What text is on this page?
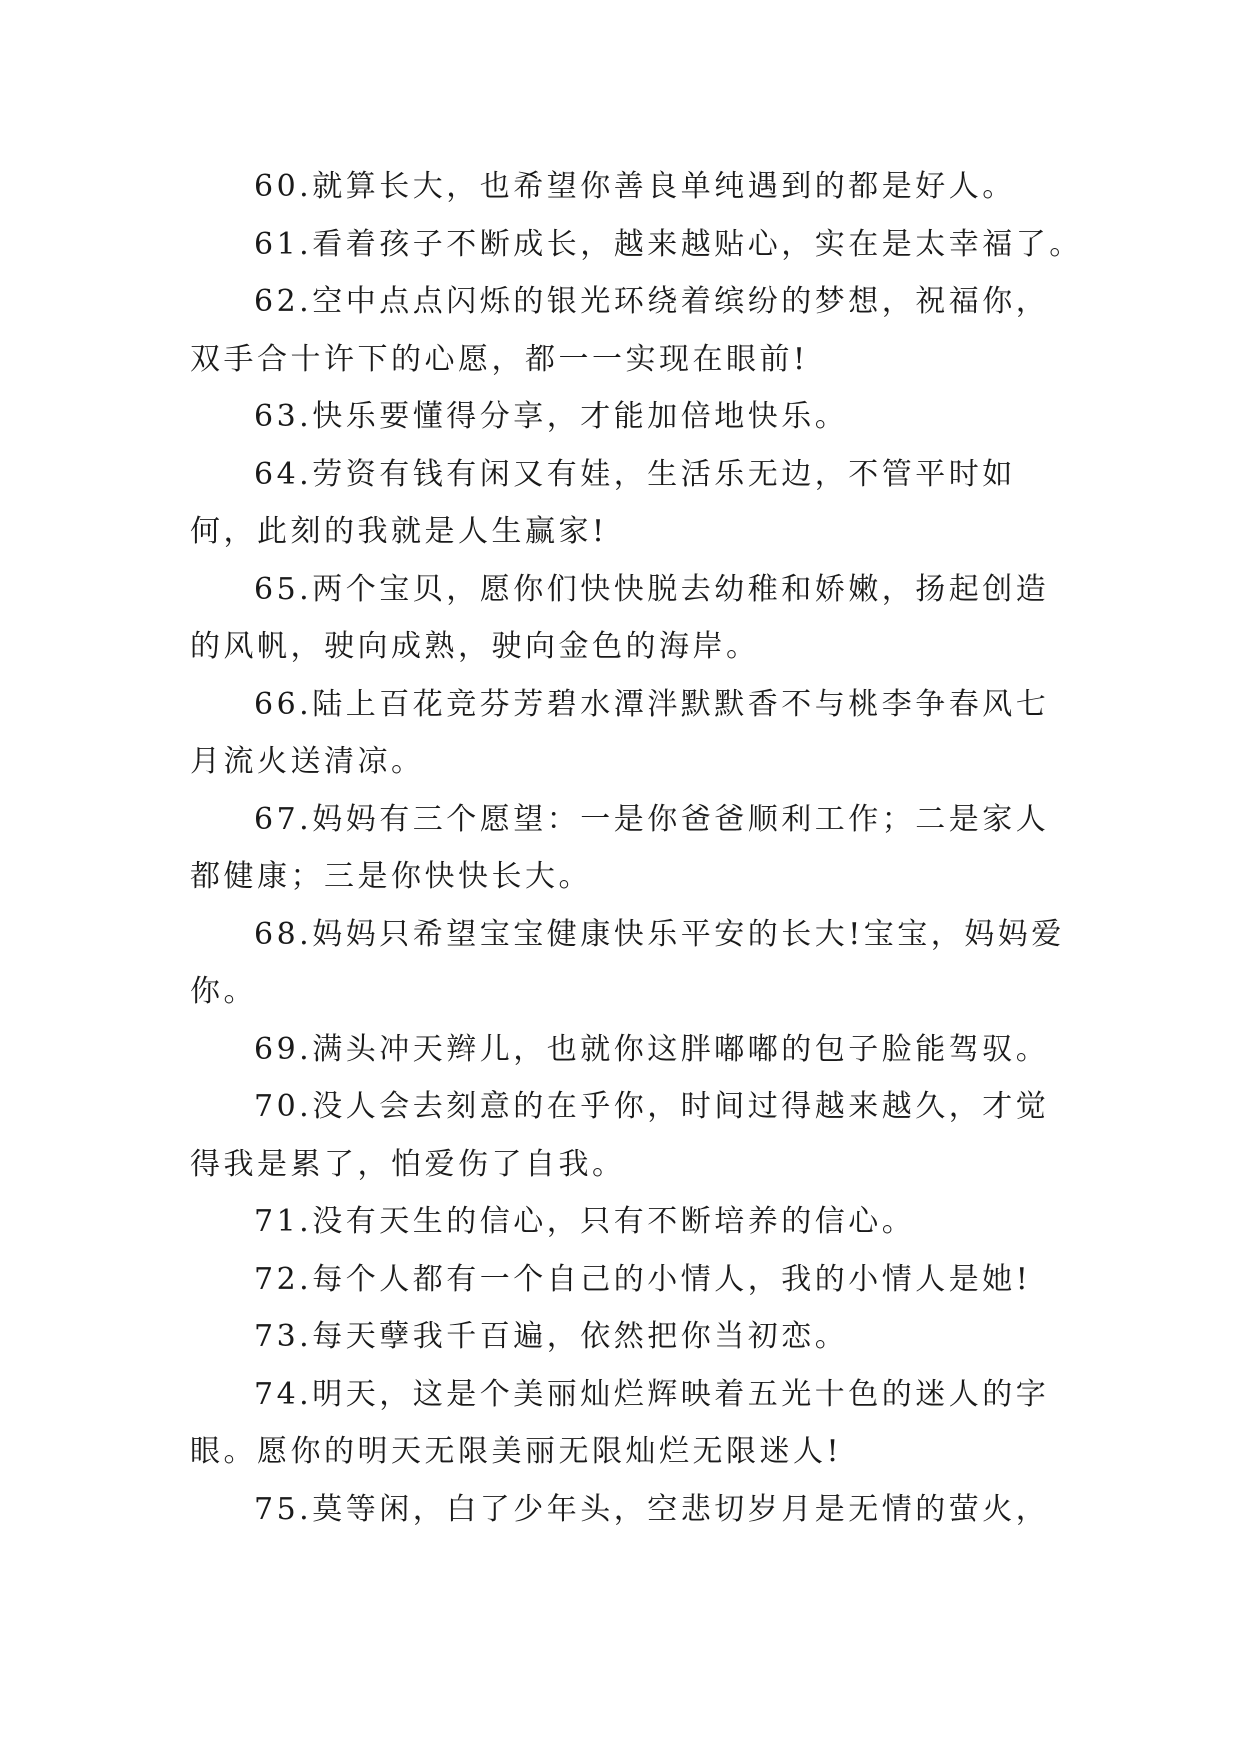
60.就算长大，也希望你善良单纯遇到的都是好人。

61.看着孩子不断成长，越来越贴心，实在是太幸福了。

62.空中点点闪烁的银光环绕着缤纷的梦想，祝福你，双手合十许下的心愿，都一一实现在眼前!

63.快乐要懂得分享，才能加倍地快乐。

64.劳资有钱有闲又有娃，生活乐无边，不管平时如何，此刻的我就是人生赢家!

65.两个宝贝，愿你们快快脱去幼稚和娇嫩，扬起创造的风帆，驶向成熟，驶向金色的海岸。

66.陆上百花竞芬芳碧水潭泮默默香不与桃李争春风七月流火送清凉。

67.妈妈有三个愿望：一是你爸爸顺利工作；二是家人都健康；三是你快快长大。

68.妈妈只希望宝宝健康快乐平安的长大!宝宝，妈妈爱你。

69.满头冲天辫儿，也就你这胖嘟嘟的包子脸能驾驭。

70.没人会去刻意的在乎你，时间过得越来越久，才觉得我是累了，怕爱伤了自我。

71.没有天生的信心，只有不断培养的信心。

72.每个人都有一个自己的小情人，我的小情人是她!

73.每天孽我千百遍，依然把你当初恋。

74.明天，这是个美丽灿烂辉映着五光十色的迷人的字眼。愿你的明天无限美丽无限灿烂无限迷人!

75.莫等闲，白了少年头，空悲切岁月是无情的萤火，
